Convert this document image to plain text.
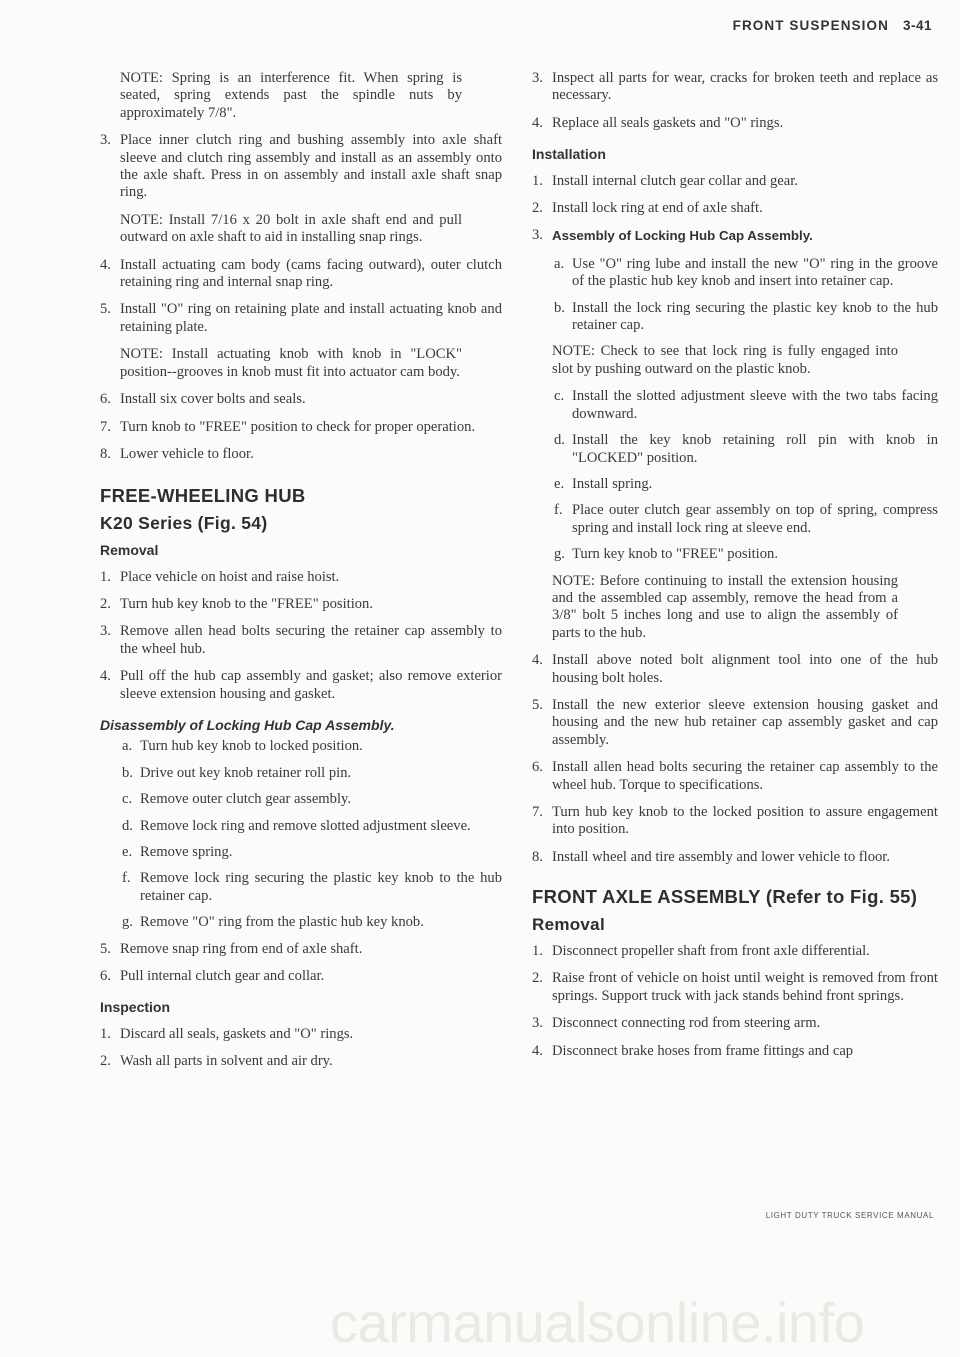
FRONT SUSPENSION 3-41
NOTE: Spring is an interference fit. When spring is seated, spring extends past the spindle nuts by approximately 7/8".
3. Place inner clutch ring and bushing assembly into axle shaft sleeve and clutch ring assembly and install as an assembly onto the axle shaft. Press in on assembly and install axle shaft snap ring.
NOTE: Install 7/16 x 20 bolt in axle shaft end and pull outward on axle shaft to aid in installing snap rings.
4. Install actuating cam body (cams facing outward), outer clutch retaining ring and internal snap ring.
5. Install "O" ring on retaining plate and install actuating knob and retaining plate.
NOTE: Install actuating knob with knob in "LOCK" position--grooves in knob must fit into actuator cam body.
6. Install six cover bolts and seals.
7. Turn knob to "FREE" position to check for proper operation.
8. Lower vehicle to floor.
FREE-WHEELING HUB
K20 Series (Fig. 54)
Removal
1. Place vehicle on hoist and raise hoist.
2. Turn hub key knob to the "FREE" position.
3. Remove allen head bolts securing the retainer cap assembly to the wheel hub.
4. Pull off the hub cap assembly and gasket; also remove exterior sleeve extension housing and gasket.
Disassembly of Locking Hub Cap Assembly.
a. Turn hub key knob to locked position.
b. Drive out key knob retainer roll pin.
c. Remove outer clutch gear assembly.
d. Remove lock ring and remove slotted adjustment sleeve.
e. Remove spring.
f. Remove lock ring securing the plastic key knob to the hub retainer cap.
g. Remove "O" ring from the plastic hub key knob.
5. Remove snap ring from end of axle shaft.
6. Pull internal clutch gear and collar.
Inspection
1. Discard all seals, gaskets and "O" rings.
2. Wash all parts in solvent and air dry.
3. Inspect all parts for wear, cracks for broken teeth and replace as necessary.
4. Replace all seals gaskets and "O" rings.
Installation
1. Install internal clutch gear collar and gear.
2. Install lock ring at end of axle shaft.
3. Assembly of Locking Hub Cap Assembly.
a. Use "O" ring lube and install the new "O" ring in the groove of the plastic hub key knob and insert into retainer cap.
b. Install the lock ring securing the plastic key knob to the hub retainer cap.
NOTE: Check to see that lock ring is fully engaged into slot by pushing outward on the plastic knob.
c. Install the slotted adjustment sleeve with the two tabs facing downward.
d. Install the key knob retaining roll pin with knob in "LOCKED" position.
e. Install spring.
f. Place outer clutch gear assembly on top of spring, compress spring and install lock ring at sleeve end.
g. Turn key knob to "FREE" position.
NOTE: Before continuing to install the extension housing and the assembled cap assembly, remove the head from a 3/8" bolt 5 inches long and use to align the assembly of parts to the hub.
4. Install above noted bolt alignment tool into one of the hub housing bolt holes.
5. Install the new exterior sleeve extension housing gasket and housing and the new hub retainer cap assembly gasket and cap assembly.
6. Install allen head bolts securing the retainer cap assembly to the wheel hub. Torque to specifications.
7. Turn hub key knob to the locked position to assure engagement into position.
8. Install wheel and tire assembly and lower vehicle to floor.
FRONT AXLE ASSEMBLY (Refer to Fig. 55)
Removal
1. Disconnect propeller shaft from front axle differential.
2. Raise front of vehicle on hoist until weight is removed from front springs. Support truck with jack stands behind front springs.
3. Disconnect connecting rod from steering arm.
4. Disconnect brake hoses from frame fittings and cap
LIGHT DUTY TRUCK SERVICE MANUAL
carmanualsonline.info
